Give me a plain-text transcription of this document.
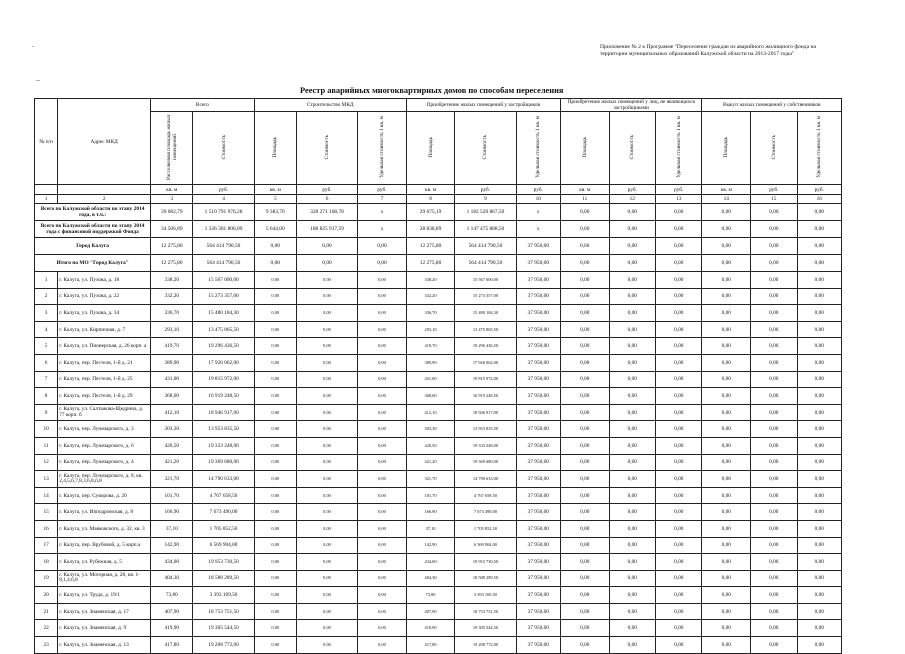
.
..
Приложение № 2 к Программе "Переселение граждан из аварийного жилищного фонда на территории муниципальных образований Калужской области на 2013-2017 годы"
Реестр аварийных многоквартирных домов по способам переселения
№ п/п	Адрес МКД	Всего		Строительство МКД			Приобретение жилых помещений у застройщиков			Приобретение жилых помещений у лиц, не являющихся застройщиками			Выкуп жилых помещений у собственников		
		Расселяемая площадь жилых помещений	Стоимость	Площадь	Стоимость	Удельная стоимость 1 кв. м	Площадь	Стоимость	Удельная стоимость 1 кв. м	Площадь	Стоимость	Удельная стоимость 1 кв. м	Площадь	Стоимость	Удельная стоимость 1 кв. м
		кв. м	руб.	кв. м	руб.	руб.	кв. м	руб.	руб.	кв. м	руб.	руб.	кв. м	руб.	руб.
1	2	3	4	5	6	7	8	9	10	11	12	13	14	15	16
Всего по Калужской области по этапу 2014 года, в т.ч.:		39 082,79	1 510 791 976,28	9 383,70	328 271 108,78	x	29 675,19	1 182 520 867,50	x	0,00	0,00	0,00	0,00	0,00	0,00
Всего по Калужской области по этапу 2014 года с финансовой поддержкой Фонда		34 506,89	1 336 301 806,09	5 644,00	188 825 917,59	x	28 838,89	1 147 475 888,50	x	0,00	0,00	0,00	0,00	0,00	0,00
Город Калуга		12 275,80	564 414 790,50	0,00	0,00	0,00	12 275,80	564 414 790,50	37 950,00	0,00	0,00	0,00	0,00	0,00	0,00
Итого по МО "Город Калуга"		12 275,80	564 414 790,50	0,00	0,00	0,00	12 275,80	564 414 790,50	37 950,00	0,00	0,00	0,00	0,00	0,00	0,00
1	г. Калуга, ул. Пухова, д. 18	338,20	15 567 000,00	0,00	0,00	0,00	338,20	15 567 000,00	37 950,00	0,00	0,00	0,00	0,00	0,00	0,00
2	г. Калуга, ул. Пухова, д. 22	332,20	15 273 357,00	0,00	0,00	0,00	332,20	15 273 357,00	37 950,00	0,00	0,00	0,00	0,00	0,00	0,00
3	г. Калуга, ул. Пухова, д. 34	336,70	15 480 184,30	0,00	0,00	0,00	336,70	15 480 184,30	37 950,00	0,00	0,00	0,00	0,00	0,00	0,00
4	г. Калуга, ул. Кирпичная, д. 7	293,10	13 475 865,50	0,00	0,00	0,00	293,10	13 475 865,50	37 950,00	0,00	0,00	0,00	0,00	0,00	0,00
5	г. Калуга, ул. Пионерская, д. 26 корп. а	419,70	19 296 436,50	0,00	0,00	0,00	419,70	19 296 436,50	37 950,00	0,00	0,00	0,00	0,00	0,00	0,00
6	г. Калуга, пер. Пестеля, 1-й д. 21	389,90	17 926 062,00	0,00	0,00	0,00	389,90	17 926 062,00	37 950,00	0,00	0,00	0,00	0,00	0,00	0,00
7	г. Калуга, пер. Пестеля, 1-й д. 25	431,00	19 815 972,00	0,00	0,00	0,00	431,00	19 815 972,00	37 950,00	0,00	0,00	0,00	0,00	0,00	0,00
8	г. Калуга, пер. Пестеля, 1-й д. 29	368,00	16 919 248,50	0,00	0,00	0,00	368,00	16 919 248,50	37 950,00	0,00	0,00	0,00	0,00	0,00	0,00
9	г. Калуга, ул. Салтыкова-Щедрина, д. 77 корп. б	412,10	18 946 917,00	0,00	0,00	0,00	412,10	18 946 917,00	37 950,00	0,00	0,00	0,00	0,00	0,00	0,00
10	г. Калуга, пер. Луначарского, д. 3	303,30	13 953 835,50	0,00	0,00	0,00	303,30	13 953 835,50	37 950,00	0,00	0,00	0,00	0,00	0,00	0,00
11	г. Калуга, пер. Луначарского, д. 6	420,50	19 333 248,00	0,00	0,00	0,00	420,50	19 333 248,00	37 950,00	0,00	0,00	0,00	0,00	0,00	0,00
12	г. Калуга, пер. Луначарского, д. 4	421,20	19 369 680,00	0,00	0,00	0,00	421,20	19 369 680,00	37 950,00	0,00	0,00	0,00	0,00	0,00	0,00
13	г. Калуга, пер. Луначарского, д. 8, кв. 2,4,5,6,7,8,3,6,8,п,8	321,70	14 790 633,00	0,00	0,00	0,00	321,70	14 790 633,00	37 950,00	0,00	0,00	0,00	0,00	0,00	0,00
14	г. Калуга, пер. Суворова, д. 20	101,70	4 767 658,50	0,00	0,00	0,00	101,70	4 767 658,50	37 950,00	0,00	0,00	0,00	0,00	0,00	0,00
15	г. Калуга, ул. Ипподромская, д. 8	166,90	7 673 490,00	0,00	0,00	0,00	166,90	7 673 490,00	37 950,00	0,00	0,00	0,00	0,00	0,00	0,00
16	г. Калуга, ул. Маяковского, д. 32, кв. 3	37,10	1 705 852,50	0,00	0,00	0,00	37,10	1 705 852,50	37 950,00	0,00	0,00	0,00	0,00	0,00	0,00
17	г. Калуга, пер. Врубовой, д. 5 корп.а	142,90	6 569 904,00	0,00	0,00	0,00	142,90	6 569 904,00	37 950,00	0,00	0,00	0,00	0,00	0,00	0,00
18	г. Калуга, ул. Рубежная, д. 5	434,00	19 953 730,50	0,00	0,00	0,00	434,00	19 953 730,50	37 950,00	0,00	0,00	0,00	0,00	0,00	0,00
19	г. Калуга, ул. Моторная, д. 28, кв. 1-8,1,4,6,8	404,30	18 588 289,50	0,00	0,00	0,00	404,30	18 588 289,50	37 950,00	0,00	0,00	0,00	0,00	0,00	0,00
20	г. Калуга, ул. Труда, д. 19/1	73,80	3 393 169,50	0,00	0,00	0,00	73,80	3 393 169,50	37 950,00	0,00	0,00	0,00	0,00	0,00	0,00
21	г. Калуга, ул. Знаменская, д. 17	407,90	18 753 751,50	0,00	0,00	0,00	407,90	18 753 751,50	37 950,00	0,00	0,00	0,00	0,00	0,00	0,00
22	г. Калуга, ул. Знаменская, д. 9	419,90	19 305 544,50	0,00	0,00	0,00	419,90	19 305 544,50	37 950,00	0,00	0,00	0,00	0,00	0,00	0,00
23	г. Калуга, ул. Знаменская, д. 13	417,80	19 208 772,00	0,00	0,00	0,00	417,80	19 208 772,00	37 950,00	0,00	0,00	0,00	0,00	0,00	0,00
